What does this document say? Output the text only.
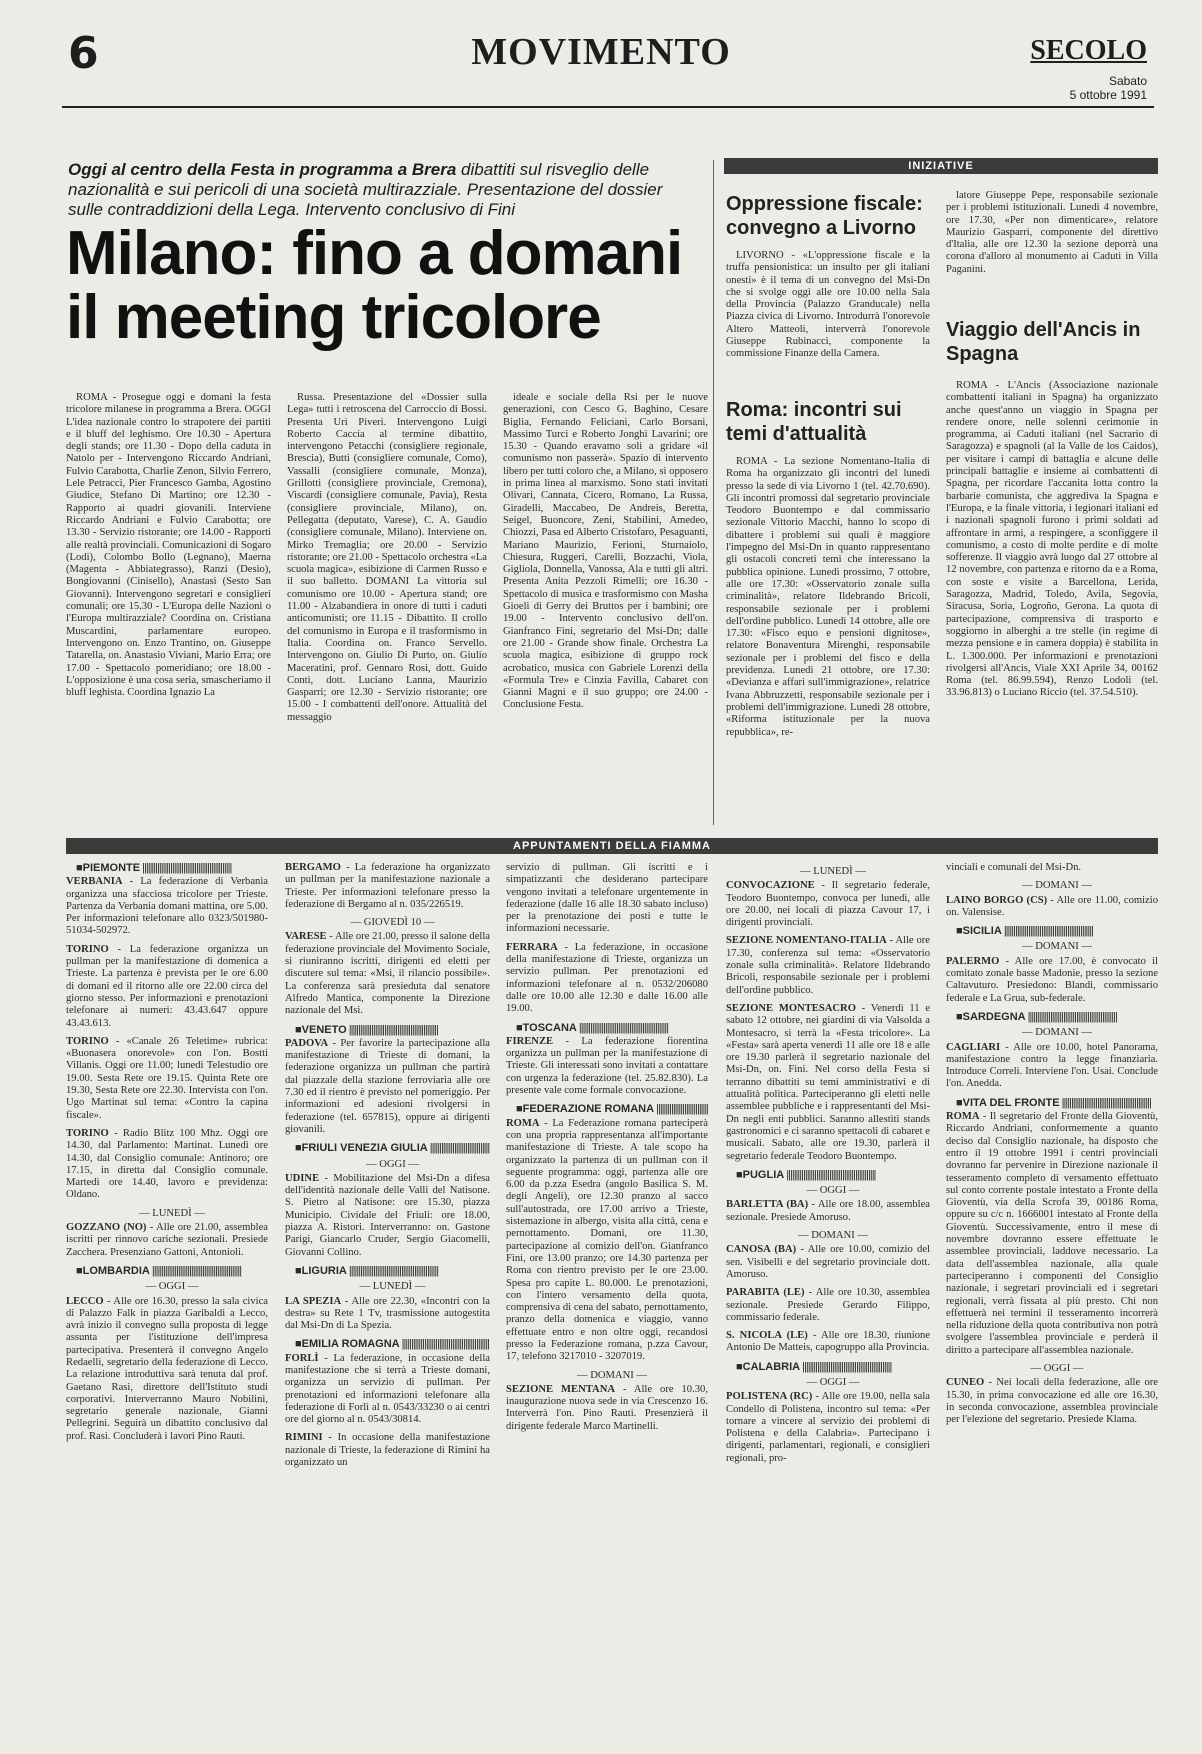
6	MOVIMENTO	SECOLO
Sabato
5 ottobre 1991
Oggi al centro della Festa in programma a Brera dibattiti sul risveglio delle nazionalità e sui pericoli di una società multirazziale. Presentazione del dossier sulle contraddizioni della Lega. Intervento conclusivo di Fini
Milano: fino a domani
il meeting tricolore

ROMA - Prosegue oggi e domani la festa tricolore milanese in programma a Brera. OGGI L'idea nazionale contro lo strapotere dei partiti e il bluff del leghismo. Ore 10.30 - Apertura degli stands; ore 11.30 - Dopo della caduta in Natolo per - Intervengono Riccardo Andriani, Fulvio Carabotta, Charlie Zenon, Silvio Ferrero, Lele Petracci, Pier Francesco Gamba, Agostino Giudice, Stefano Di Martino; ore 12.30 - Rapporto ai quadri giovanili. Interviene Riccardo Andriani e Fulvio Carabotta; ore 13.30 - Servizio ristorante; ore 14.00 - Rapporti alle realtà provinciali. Comunicazioni di Sogaro (Lodi), Colombo Bollo (Legnano), Maerna (Magenta - Abbiategrasso), Ranzi (Desio), Bongiovanni (Cinisello), Anastasi (Sesto San Giovanni). Intervengono segretari e consiglieri comunali; ore 15.30 - L'Europa delle Nazioni o l'Europa multirazziale? Coordina on. Cristiana Muscardini, parlamentare europeo. Intervengono on. Enzo Trantino, on. Giuseppe Tatarella, on. Anastasio Viviani, Mario Erra; ore 17.00 - Spettacolo pomeridiano; ore 18.00 - L'opposizione è una cosa seria, smascheriamo il bluff leghista. Coordina Ignazio La

Russa. Presentazione del «Dossier sulla Lega» tutti i retroscena del Carroccio di Bossi. Presenta Uri Piveri. Intervengono Luigi Roberto Caccia al termine dibattito, intervengono Petacchi (consigliere regionale, Brescia), Butti (consigliere comunale, Como), Vassalli (consigliere comunale, Monza), Grillotti (consigliere provinciale, Cremona), Viscardi (consigliere comunale, Pavia), Resta (consigliere provinciale, Milano), on. Pellegatta (deputato, Varese), C. A. Gaudio (consigliere comunale, Milano). Interviene on. Mirko Tremaglia; ore 20.00 - Servizio ristorante; ore 21.00 - Spettacolo orchestra «La scuola magica», esibizione di Carmen Russo e il suo balletto. DOMANI La vittoria sul comunismo ore 10.00 - Apertura stand; ore 11.00 - Alzabandiera in onore di tutti i caduti anticomunisti; ore 11.15 - Dibattito. Il crollo del comunismo in Europa e il trasformismo in Italia. Coordina on. Franco Servello. Intervengono on. Giulio Di Purto, on. Giulio Maceratini, prof. Gennaro Rosi, dott. Guido Conti, dott. Luciano Lanna, Maurizio Gasparri; ore 12.30 - Servizio ristorante; ore 15.00 - I combattenti dell'onore. Attualità del messaggio

ideale e sociale della Rsi per le nuove generazioni, con Cesco G. Baghino, Cesare Biglia, Fernando Feliciani, Carlo Borsani, Massimo Turci e Roberto Jonghi Lavarini; ore 15.30 - Quando eravamo soli a gridare «il comunismo non passerà». Spazio di intervento libero per tutti coloro che, a Milano, si opposero in prima linea al marxismo. Sono stati invitati Olivari, Cannata, Cicero, Romano, La Russa, Giradelli, Maccabeo, De Andreis, Beretta, Seigel, Buoncore, Zeni, Stabilini, Amedeo, Chiozzi, Pasa ed Alberto Cristofaro, Pesaguanti, Mariano Maurizio, Ferioni, Sturnaiolo, Chiesura, Ruggeri, Carelli, Bozzachi, Viola, Gigliola, Donnella, Vanossa, Ala e tutti gli altri. Presenta Anita Pezzoli Rimelli; ore 16.30 - Spettacolo di musica e trasformismo con Masha Gioeli di Gerry dei Bruttos per i bambini; ore 19.00 - Intervento conclusivo dell'on. Gianfranco Fini, segretario del Msi-Dn; dalle ore 21.00 - Grande show finale. Orchestra La scuola magica, esibizione di gruppo rock acrobatico, musica con Gabriele Lorenzi della «Formula Tre» e Cinzia Favilla, Cabaret con Gianni Magni e il suo gruppo; ore 24.00 - Conclusione Festa.

INIZIATIVE
Oppressione fiscale: convegno a Livorno

LIVORNO - «L'oppressione fiscale e la truffa pensionistica: un insulto per gli italiani onesti» è il tema di un convegno del Msi-Dn che si svolge oggi alle ore 10.00 nella Sala della Provincia (Palazzo Granducale) nella Piazza civica di Livorno. Introdurrà l'onorevole Altero Matteoli, interverrà l'onorevole Giuseppe Rubinacci, componente la commissione Finanze della Camera.

Roma: incontri sui temi d'attualità

ROMA - La sezione Nomentano-Italia di Roma ha organizzato gli incontri del lunedì presso la sede di via Livorno 1 (tel. 42.70.690). Gli incontri promossi dal segretario provinciale Teodoro Buontempo e dal commissario sezionale Vittorio Macchi, hanno lo scopo di dibattere i problemi sui quali è maggiore l'impegno del Msi-Dn in quanto rappresentano gli ostacoli concreti temi che interessano la pubblica opinione. Lunedì prossimo, 7 ottobre, alle ore 17.30: «Osservatorio zonale sulla criminalità», relatore Ildebrando Bricoli, responsabile sezionale per i problemi dell'ordine pubblico. Lunedì 14 ottobre, alle ore 17.30: «Fisco equo e pensioni dignitose», relatore Bonaventura Mirenghi, responsabile sezionale per i problemi del fisco e della previdenza. Lunedì 21 ottobre, ore 17.30: «Devianza e affari sull'immigrazione», relatrice Ivana Abbruzzetti, responsabile sezionale per i problemi dell'immigrazione. Lunedì 28 ottobre, «Riforma istituzionale per la nuova repubblica», re-

latore Giuseppe Pepe, responsabile sezionale per i problemi istituzionali. Lunedì 4 novembre, ore 17.30, «Per non dimenticare», relatore Maurizio Gasparri, componente del direttivo d'Italia, alle ore 12.30 la sezione deporrà una corona d'alloro al monumento ai Caduti in Villa Paganini.

Viaggio dell'Ancis in Spagna

ROMA - L'Ancis (Associazione nazionale combattenti italiani in Spagna) ha organizzato anche quest'anno un viaggio in Spagna per rendere onore, nelle solenni cerimonie in programma, ai Caduti italiani (nel Sacrario di Saragozza) e spagnoli (al la Valle de los Caidos), per visitare i campi di battaglia e alcune delle principali battaglie e insieme ai combattenti di Spagna, per ricordare l'accanita lotta contro la barbarie comunista, che aggrediva la Spagna e l'Europa, e la finale vittoria, i legionari italiani ed i nazionali spagnoli furono i primi soldati ad affrontare in armi, a respingere, a sconfiggere il comunismo, a costo di molte perdite e di molte sofferenze. Il viaggio avrà luogo dal 27 ottobre al 12 novembre, con partenza e ritorno da e a Roma, con soste e visite a Barcellona, Lerida, Saragozza, Madrid, Toledo, Avila, Segovia, Siracusa, Soria, Logroño, Gerona. La quota di partecipazione, comprensiva di trasporto e soggiorno in alberghi a tre stelle (in regime di mezza pensione e in camera doppia) è stabilita in L. 1.300.000. Per informazioni e prenotazioni rivolgersi all'Ancis, Viale XXI Aprile 34, 00162 Roma (tel. 86.99.594), Renzo Lodoli (tel. 33.96.813) o Luciano Riccio (tel. 37.54.510).

APPUNTAMENTI DELLA FIAMMA

■PIEMONTE ||||||||||||||||||||||||||||||||||||||||||||||||

VERBANIA - La federazione di Verbania organizza una sfacciosa tricolore per Trieste. Partenza da Verbania domani mattina, ore 5.00. Per informazioni telefonare allo 0323/501980-51034-502972.

TORINO - La federazione organizza un pullman per la manifestazione di domenica a Trieste. La partenza è prevista per le ore 6.00 di domani ed il ritorno alle ore 22.00 circa del giorno stesso. Per informazioni e prenotazioni telefonare ai numeri: 43.43.647 oppure 43.43.613.

TORINO - «Canale 26 Teletime» rubrica: «Buonasera onorevole» con l'on. Bostti Villanis. Oggi ore 11.00; lunedì Telestudio ore 19.00. Sesta Rete ore 19.15. Quinta Rete ore 19.30, Sesta Rete ore 22.30. Intervista con l'on. Ugo Martinat sul tema: «Contro la capina fiscale».

TORINO - Radio Blitz 100 Mhz. Oggi ore 14.30, dal Parlamento: Martinat. Lunedì ore 14.30, dal Consiglio comunale: Antinoro; ore 17.15, in diretta dal Consiglio comunale. Martedì ore 14.40, lavoro e previdenza: Oldano.

— LUNEDÌ —

GOZZANO (NO) - Alle ore 21.00, assemblea iscritti per rinnovo cariche sezionali. Presiede Zacchera. Presenziano Gattoni, Antonioli.

■LOMBARDIA ||||||||||||||||||||||||||||||||||||||||||||||||

— OGGI —

LECCO - Alle ore 16.30, presso la sala civica di Palazzo Falk in piazza Garibaldi a Lecco, avrà inizio il convegno sulla proposta di legge assunta per l'istituzione dell'impresa partecipativa. Presenterà il convegno Angelo Redaelli, segretario della federazione di Lecco. La relazione introduttiva sarà tenuta dal prof. Gaetano Rasi, direttore dell'Istituto studi corporativi. Interverranno Mauro Nobilini, segretario generale nazionale, Gianni Pellegrini. Seguirà un dibattito conclusivo dal prof. Rasi. Concluderà i lavori Pino Rauti.

BERGAMO - La federazione ha organizzato un pullman per la manifestazione nazionale a Trieste. Per informazioni telefonare presso la federazione di Bergamo al n. 035/226519.

— GIOVEDÌ 10 —

VARESE - Alle ore 21.00, presso il salone della federazione provinciale del Movimento Sociale, si riuniranno iscritti, dirigenti ed eletti per discutere sul tema: «Msi, il rilancio possibile». La conferenza sarà presieduta dal senatore Alfredo Mantica, componente la Direzione nazionale del Msi.

■VENETO ||||||||||||||||||||||||||||||||||||||||||||||||

PADOVA - Per favorire la partecipazione alla manifestazione di Trieste di domani, la federazione organizza un pullman che partirà dal piazzale della stazione ferroviaria alle ore 7.30 ed il rientro è previsto nel pomeriggio. Per informazioni ed adesioni rivolgersi in federazione (tel. 657815), oppure ai dirigenti giovanili.

■FRIULI VENEZIA GIULIA ||||||||||||||||||||||||||||||||||||||||||||||||

— OGGI —

UDINE - Mobilitazione del Msi-Dn a difesa dell'identità nazionale delle Valli del Natisone. S. Pietro al Natisone: ore 15.30, piazza Municipio. Cividale del Friuli: ore 18.00, piazza A. Ristori. Interverranno: on. Gastone Parigi, Giancarlo Cruder, Sergio Giacomelli, Giovanni Collino.

■LIGURIA ||||||||||||||||||||||||||||||||||||||||||||||||

— LUNEDÌ —

LA SPEZIA - Alle ore 22.30, «Incontri con la destra» su Rete 1 Tv, trasmissione autogestita dal Msi-Dn di La Spezia.

■EMILIA ROMAGNA ||||||||||||||||||||||||||||||||||||||||||||||||

FORLÌ - La federazione, in occasione della manifestazione che si terrà a Trieste domani, organizza un servizio di pullman. Per prenotazioni ed informazioni telefonare alla federazione di Forlì al n. 0543/33230 o ai centri ore del giorno al n. 0543/30814.

RIMINI - In occasione della manifestazione nazionale di Trieste, la federazione di Rimini ha organizzato un

servizio di pullman. Gli iscritti e i simpatizzanti che desiderano partecipare vengono invitati a telefonare urgentemente in federazione (dalle 16 alle 18.30 sabato incluso) per la prenotazione dei posti e tutte le informazioni necessarie.

FERRARA - La federazione, in occasione della manifestazione di Trieste, organizza un servizio pullman. Per prenotazioni ed informazioni telefonare al n. 0532/206080 dalle ore 10.00 alle 12.30 e dalle 16.00 alle 19.00.

■TOSCANA ||||||||||||||||||||||||||||||||||||||||||||||||

FIRENZE - La federazione fiorentina organizza un pullman per la manifestazione di Trieste. Gli interessati sono invitati a contattare con urgenza la federazione (tel. 25.82.830). La presente vale come formale convocazione.

■FEDERAZIONE ROMANA ||||||||||||||||||||||||||||||||||||||||||||||||

ROMA - La Federazione romana parteciperà con una propria rappresentanza all'importante manifestazione di Trieste. A tale scopo ha organizzato la partenza di un pullman con il seguente programma: oggi, partenza alle ore 6.00 da p.zza Esedra (angolo Basilica S. M. degli Angeli), ore 12.30 pranzo al sacco sull'autostrada, ore 17.00 arrivo a Trieste, sistemazione in albergo, visita alla città, cena e pernottamento. Domani, ore 11.30, partecipazione al comizio dell'on. Gianfranco Fini, ore 13.00 pranzo; ore 14.30 partenza per Roma con rientro previsto per le ore 23.00. Spesa pro capite L. 80.000. Le prenotazioni, con l'intero versamento della quota, comprensiva di cena del sabato, pernottamento, pranzo della domenica e viaggio, vanno effettuate entro e non oltre oggi, recandosi presso la Federazione romana, p.zza Cavour, 17, telefono 3217010 - 3207019.

— DOMANI —

SEZIONE MENTANA - Alle ore 10.30, inaugurazione nuova sede in via Crescenzo 16. Interverrà l'on. Pino Rauti. Presenzierà il dirigente federale Marco Martinelli.

— LUNEDÌ —

CONVOCAZIONE - Il segretario federale, Teodoro Buontempo, convoca per lunedì, alle ore 20.00, nei locali di piazza Cavour 17, i dirigenti provinciali.

SEZIONE NOMENTANO-ITALIA - Alle ore 17.30, conferenza sul tema: «Osservatorio zonale sulla criminalità». Relatore Ildebrando Bricoli, responsabile sezionale per i problemi dell'ordine pubblico.

SEZIONE MONTESACRO - Venerdì 11 e sabato 12 ottobre, nei giardini di via Valsolda a Montesacro, si terrà la «Festa tricolore». La «Festa» sarà aperta venerdì 11 alle ore 18 e alle ore 19.30 parlerà il segretario nazionale del Msi-Dn, on. Fini. Nel corso della Festa si terranno dibattiti su temi amministrativi e di attualità politica. Parteciperanno gli eletti nelle assemblee pubbliche e i rappresentanti del Msi-Dn negli enti pubblici. Saranno allestiti stands gastronomici e ci saranno spettacoli di cabaret e musicali. Sabato, alle ore 19.30, parlerà il segretario federale Teodoro Buontempo.

■PUGLIA ||||||||||||||||||||||||||||||||||||||||||||||||

— OGGI —

BARLETTA (BA) - Alle ore 18.00, assemblea sezionale. Presiede Amoruso.

— DOMANI —

CANOSA (BA) - Alle ore 10.00, comizio del sen. Visibelli e del segretario provinciale dott. Amoruso.

PARABITA (LE) - Alle ore 10.30, assemblea sezionale. Presiede Gerardo Filippo, commissario federale.

S. NICOLA (LE) - Alle ore 18.30, riunione Antonio De Matteis, capogruppo alla Provincia.

■CALABRIA ||||||||||||||||||||||||||||||||||||||||||||||||

— OGGI —

POLISTENA (RC) - Alle ore 19.00, nella sala Condello di Polistena, incontro sul tema: «Per tornare a vincere al servizio dei problemi di Polistena e della Calabria». Partecipano i dirigenti, parlamentari, regionali, e consiglieri regionali, pro-

vinciali e comunali del Msi-Dn.

— DOMANI —

LAINO BORGO (CS) - Alle ore 11.00, comizio on. Valensise.

■SICILIA ||||||||||||||||||||||||||||||||||||||||||||||||

— DOMANI —

PALERMO - Alle ore 17.00, è convocato il comitato zonale basse Madonie, presso la sezione Caltavuturo. Presiedono: Blandi, commissario federale e La Grua, sub-federale.

■SARDEGNA ||||||||||||||||||||||||||||||||||||||||||||||||

— DOMANI —

CAGLIARI - Alle ore 10.00, hotel Panorama, manifestazione contro la legge finanziaria. Introduce Correli. Interviene l'on. Usai. Conclude l'on. Anedda.

■VITA DEL FRONTE ||||||||||||||||||||||||||||||||||||||||||||||||

ROMA - Il segretario del Fronte della Gioventù, Riccardo Andriani, conformemente a quanto deciso dal Consiglio nazionale, ha disposto che entro il 19 ottobre 1991 i centri provinciali dovranno far pervenire in Direzione nazionale il tesseramento completo di versamento effettuato sul conto corrente postale intestato a Fronte della Gioventù, via della Scrofa 39, 00186 Roma, oppure su c/c n. 1666001 intestato al Fronte della Gioventù. Successivamente, entro il mese di novembre dovranno essere effettuate le assemblee provinciali, laddove necessario. La data dell'assemblea nazionale, alla quale parteciperanno i componenti del Consiglio nazionale, i segretari provinciali ed i segretari regionali, verrà fissata al più presto. Chi non effettuerà nei termini il tesseramento incorrerà nella riduzione della quota contributiva non potrà svolgere l'assemblea provinciale e perderà il diritto a partecipare all'assemblea nazionale.

— OGGI —

CUNEO - Nei locali della federazione, alle ore 15.30, in prima convocazione ed alle ore 16.30, in seconda convocazione, assemblea provinciale per l'elezione del segretario. Presiede Klama.
